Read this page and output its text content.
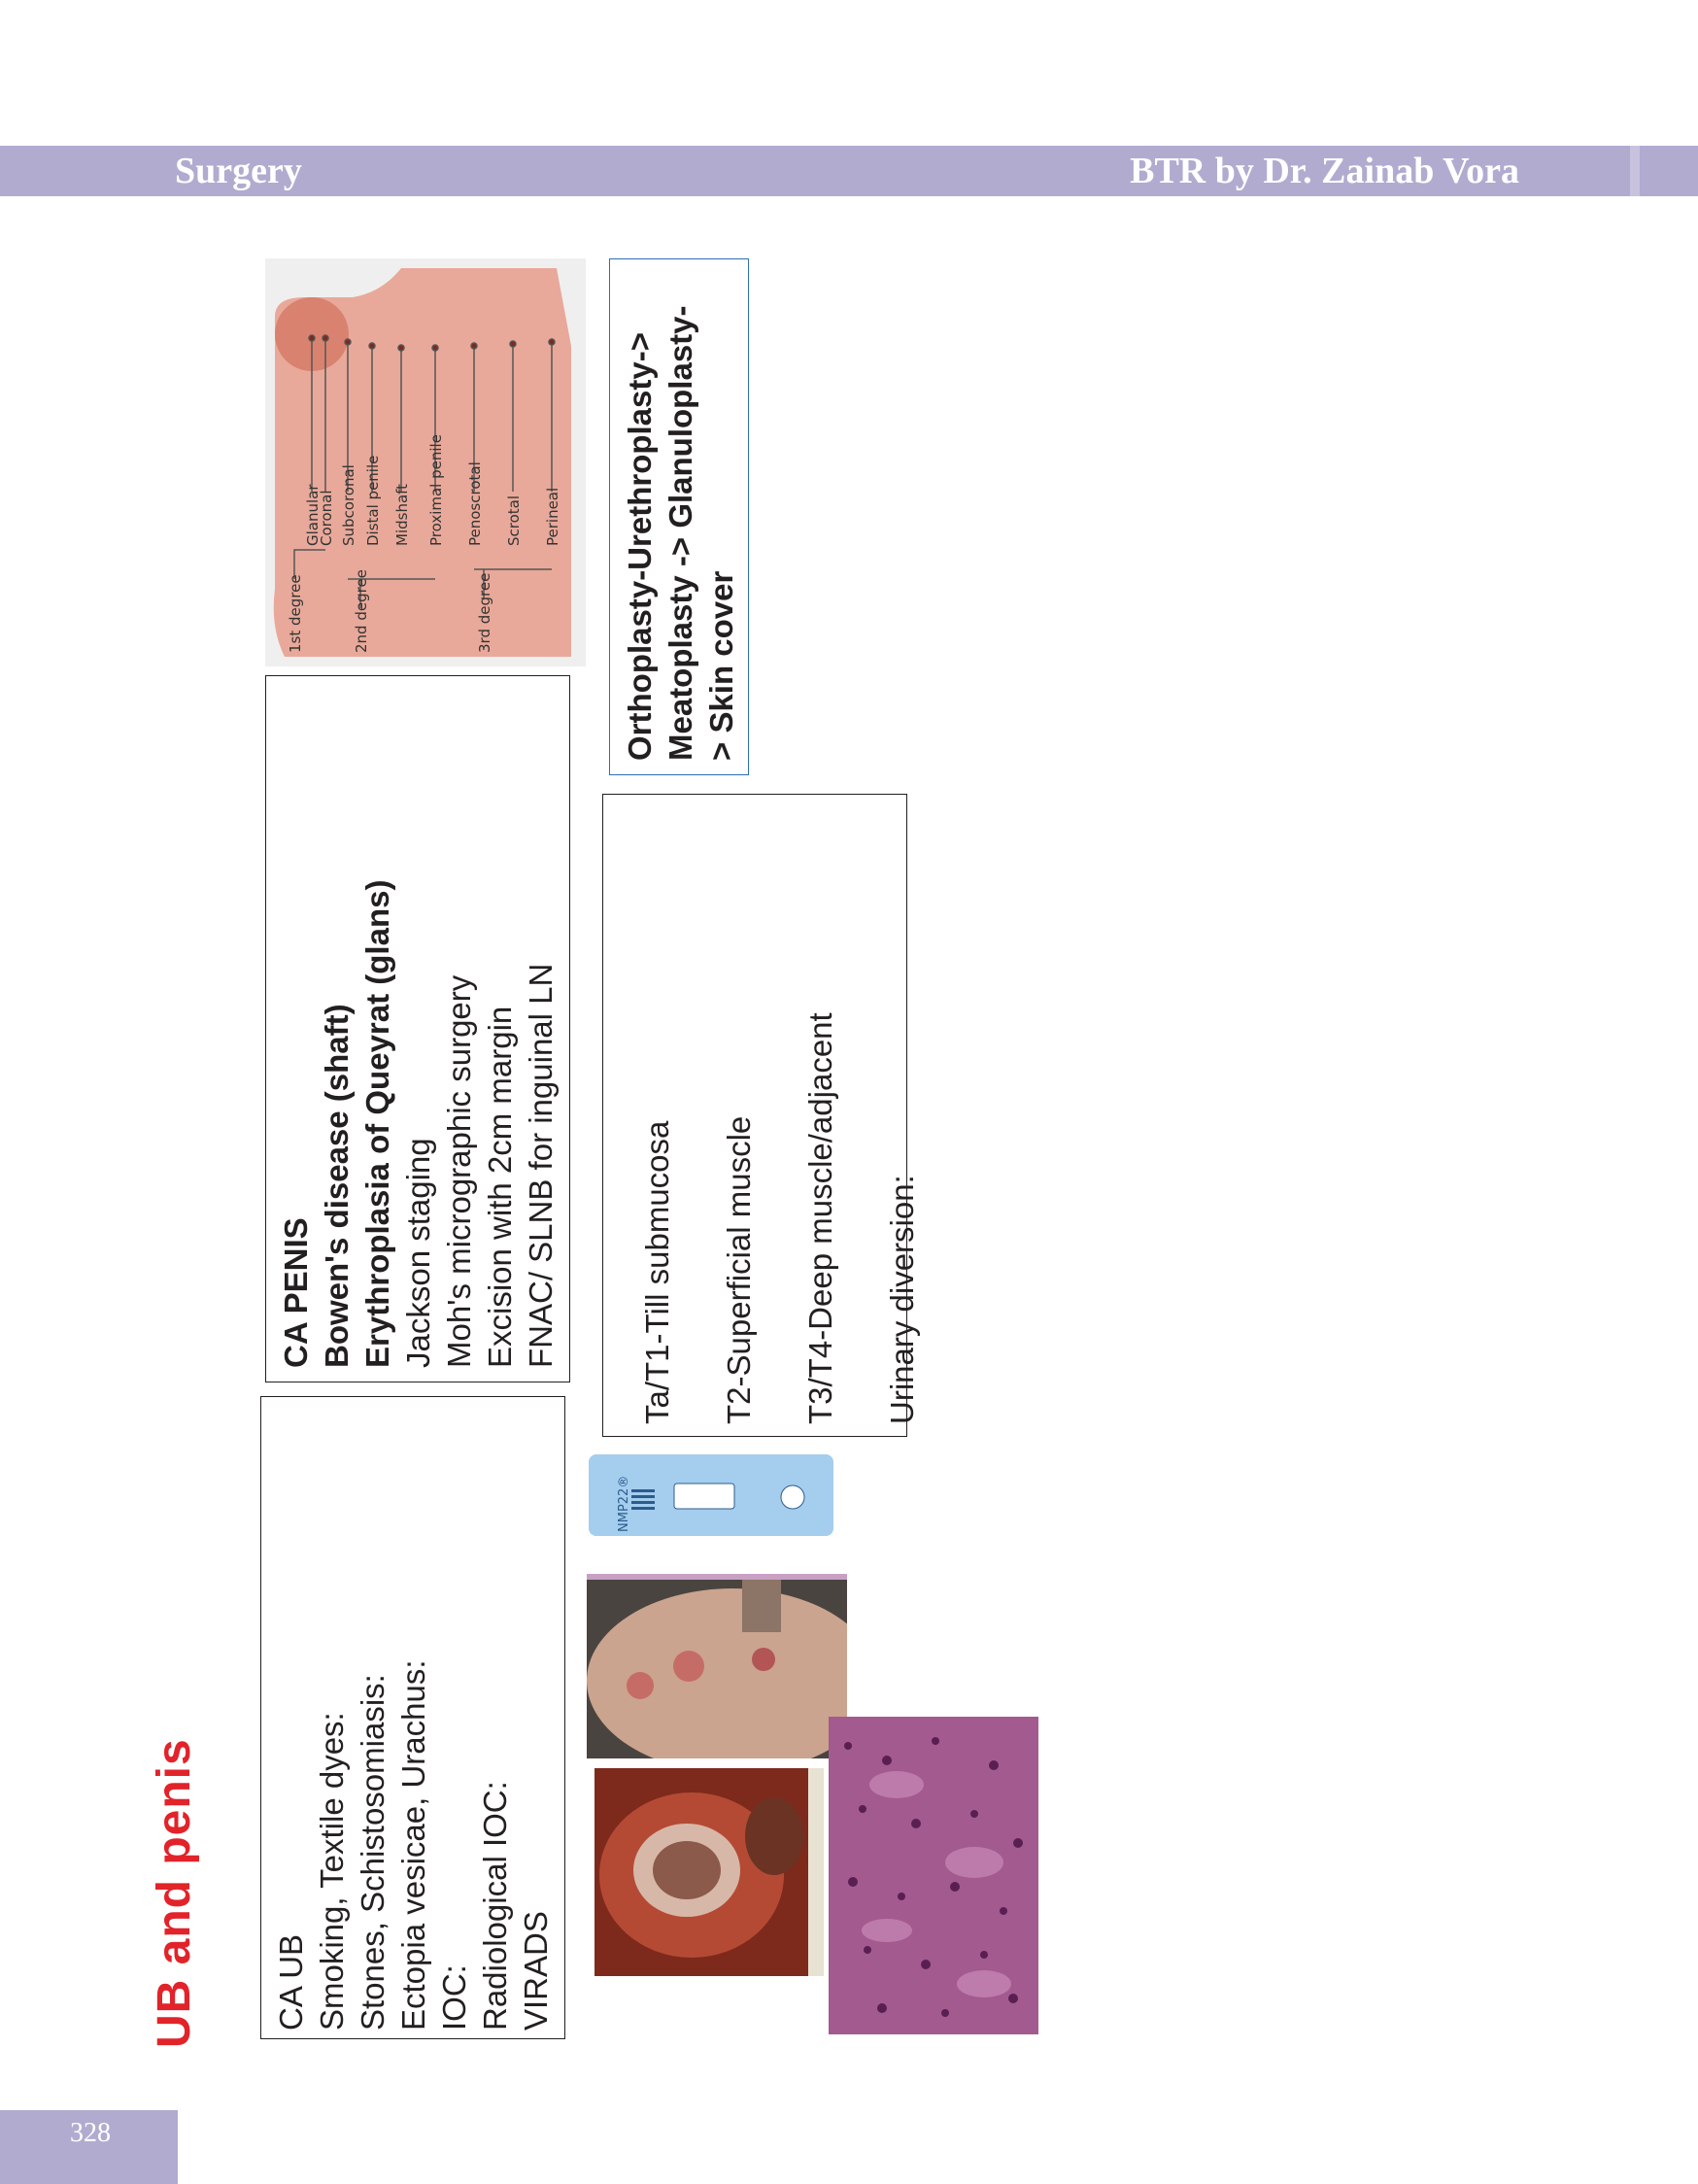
Surgery	BTR by Dr. Zainab Vora
UB and penis CA UB Smoking, Textile dyes: Stones, Schistosomiasis: Ectopia vesicae, Urachus: IOC: Radiological IOC: VIRADS
CA PENIS Bowen's disease (shaft) Erythroplasia of Queyrat (glans) Jackson staging Moh's micrographic surgery Excision with 2cm margin FNAC/ SLNB for inguinal LN	Ta/T1-Till submucosa	T2-Superficial muscle	T3/T4-Deep muscle/adjacent	Urinary diversion:
Orthoplasty-Urethroplasty-> Meatoplasty -> Glanuloplasty- > Skin cover
Glanular
Coronal Subcoronal Distal penile Midshaft Proximal penile Penoscrotal Scrotal Perineal
1st degree	2nd degree	3rd degree
NMP22®
328
